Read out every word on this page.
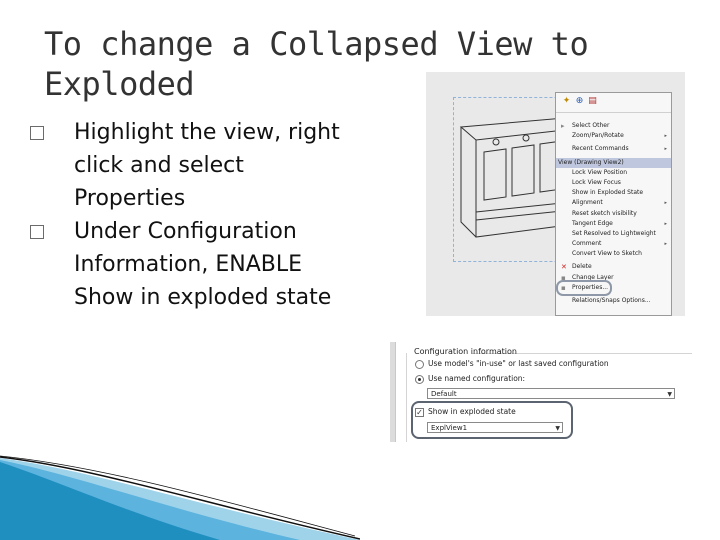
To change a Collapsed View to Exploded
Highlight the view, right click and select Properties
Under Configuration Information, ENABLE Show in exploded state
✦ ⊕ ▤
▸ Select Other
Zoom/Pan/Rotate	▸
Recent Commands	▸
View (Drawing View2)
Lock View Position
Lock View Focus
Show in Exploded State
Alignment	▸
Reset sketch visibility
Tangent Edge	▸
Set Resolved to Lightweight
Comment	▸
Convert View to Sketch
✕ Delete
▪ Change Layer
▪ Properties...
Relations/Snaps Options...
Configuration information
Use model's "in-use" or last saved configuration
Use named configuration:
Default	▼
✓ Show in exploded state
ExplView1	▼
